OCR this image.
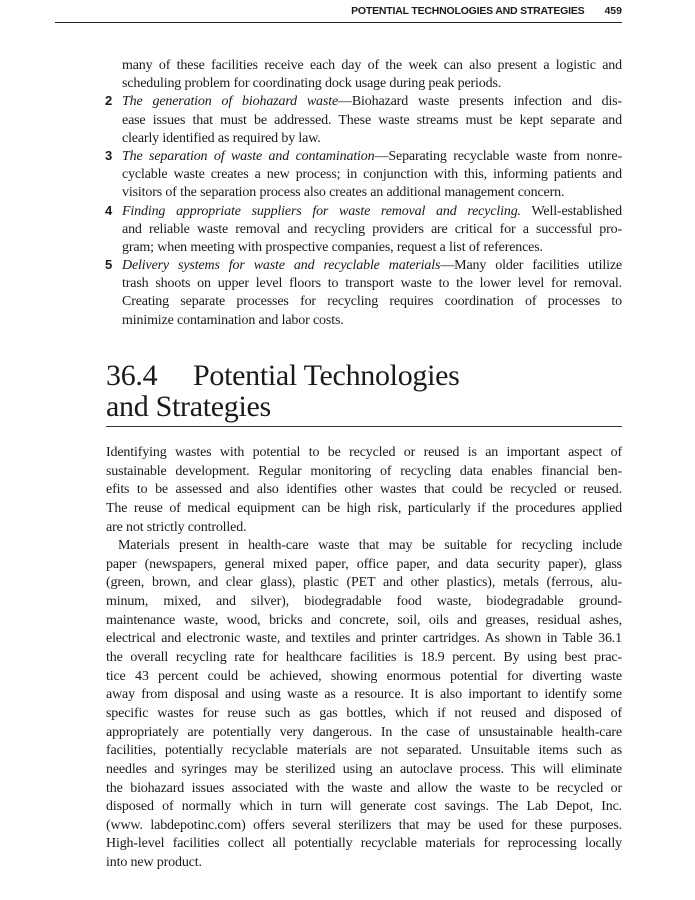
POTENTIAL TECHNOLOGIES AND STRATEGIES 459
many of these facilities receive each day of the week can also present a logistic and
scheduling problem for coordinating dock usage during peak periods.
2 The generation of biohazard waste—Biohazard waste presents infection and dis-
ease issues that must be addressed. These waste streams must be kept separate and
clearly identified as required by law.
3 The separation of waste and contamination—Separating recyclable waste from nonre-
cyclable waste creates a new process; in conjunction with this, informing patients and
visitors of the separation process also creates an additional management concern.
4 Finding appropriate suppliers for waste removal and recycling. Well-established
and reliable waste removal and recycling providers are critical for a successful pro-
gram; when meeting with prospective companies, request a list of references.
5 Delivery systems for waste and recyclable materials—Many older facilities utilize
trash shoots on upper level floors to transport waste to the lower level for removal.
Creating separate processes for recycling requires coordination of processes to
minimize contamination and labor costs.
36.4 Potential Technologies
and Strategies
Identifying wastes with potential to be recycled or reused is an important aspect of
sustainable development. Regular monitoring of recycling data enables financial ben-
efits to be assessed and also identifies other wastes that could be recycled or reused.
The reuse of medical equipment can be high risk, particularly if the procedures applied
are not strictly controlled.
Materials present in health-care waste that may be suitable for recycling include
paper (newspapers, general mixed paper, office paper, and data security paper), glass
(green, brown, and clear glass), plastic (PET and other plastics), metals (ferrous, alu-
minum, mixed, and silver), biodegradable food waste, biodegradable ground-
maintenance waste, wood, bricks and concrete, soil, oils and greases, residual ashes,
electrical and electronic waste, and textiles and printer cartridges. As shown in Table 36.1
the overall recycling rate for healthcare facilities is 18.9 percent. By using best prac-
tice 43 percent could be achieved, showing enormous potential for diverting waste
away from disposal and using waste as a resource. It is also important to identify some
specific wastes for reuse such as gas bottles, which if not reused and disposed of
appropriately are potentially very dangerous. In the case of unsustainable health-care
facilities, potentially recyclable materials are not separated. Unsuitable items such as
needles and syringes may be sterilized using an autoclave process. This will eliminate
the biohazard issues associated with the waste and allow the waste to be recycled or
disposed of normally which in turn will generate cost savings. The Lab Depot, Inc.
(www. labdepotinc.com) offers several sterilizers that may be used for these purposes.
High-level facilities collect all potentially recyclable materials for reprocessing locally
into new product.
